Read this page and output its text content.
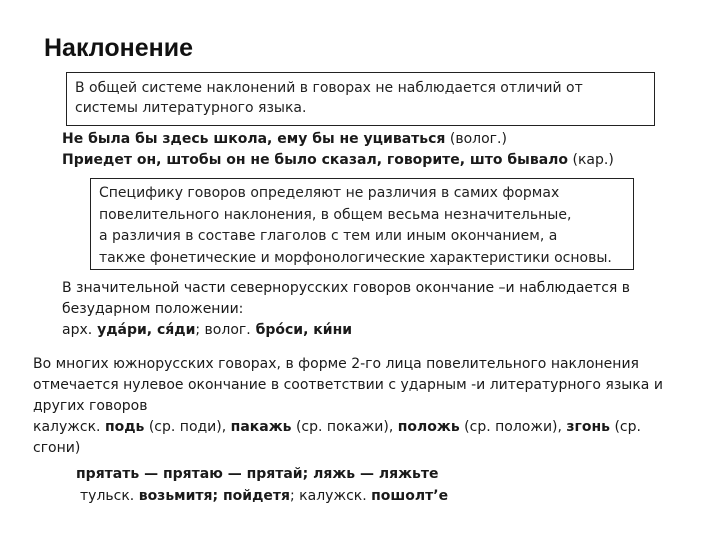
Наклонение
В общей системе наклонений в говорах не наблюдается отличий от
системы литературного языка.
Не была бы здесь школа, ему бы не уциваться (волог.)
Приедет он, штобы он не было сказал, говорите, што бывало (кар.)
Специфику говоров определяют не различия в самих формах
повелительного наклонения, в общем весьма незначительные,
а различия в составе глаголов с тем или иным окончанием, а
также фонетические и морфонологические характеристики основы.
В значительной части севернорусских говоров окончание –и наблюдается в
безударном положении:
арх. уда́ри, ся́ди; волог. бро́си, ки́ни
Во многих южнорусских говорах, в форме 2-го лица повелительного наклонения
отмечается нулевое окончание в соответствии с ударным -и литературного языка и
других говоров
калужск. подь (ср. поди), пакажь (ср. покажи), положь (ср. положи), згонь (ср.
сгони)
прятать — прятаю — прятай; ляжь — ляжьте
тульск. возьмитя; пойдетя; калужск. пошолт’е
